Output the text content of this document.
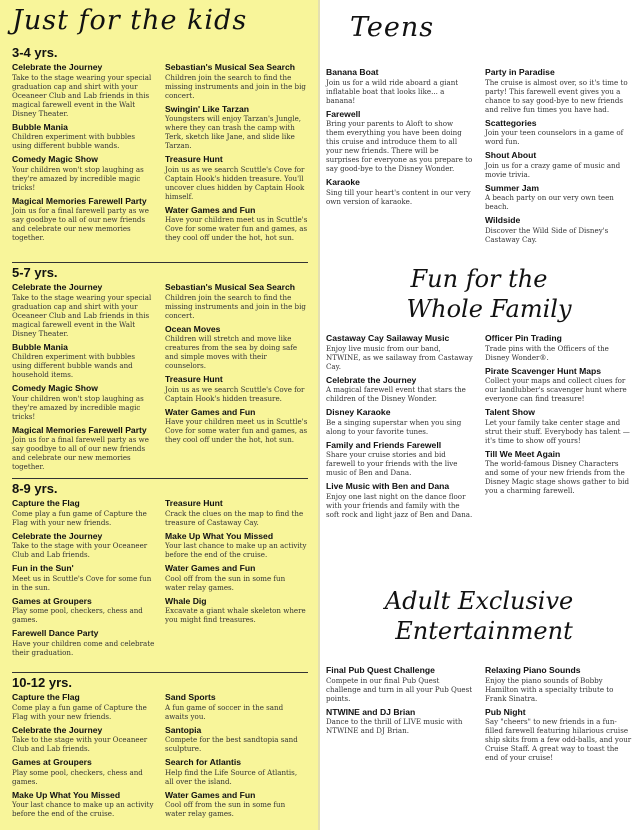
Just for the kids
3-4 yrs.
Celebrate the Journey
Take to the stage wearing your special graduation cap and shirt with your Oceaneer Club and Lab friends in this magical farewell event in the Walt Disney Theater.
Bubble Mania
Children experiment with bubbles using different bubble wands.
Comedy Magic Show
Your children won't stop laughing as they're amazed by incredible magic tricks!
Magical Memories Farewell Party
Join us for a final farewell party as we say goodbye to all of our new friends and celebrate our new memories together.
Sebastian's Musical Sea Search
Children join the search to find the missing instruments and join in the big concert.
Swingin' Like Tarzan
Youngsters will enjoy Tarzan's Jungle, where they can trash the camp with Terk, sketch like Jane, and slide like Tarzan.
Treasure Hunt
Join us as we search Scuttle's Cove for Captain Hook's hidden treasure. You'll uncover clues hidden by Captain Hook himself.
Water Games and Fun
Have your children meet us in Scuttle's Cove for some water fun and games, as they cool off under the hot, hot sun.
5-7 yrs.
Celebrate the Journey
Take to the stage wearing your special graduation cap and shirt with your Oceaneer Club and Lab friends in this magical farewell event in the Walt Disney Theater.
Bubble Mania
Children experiment with bubbles using different bubble wands and household items.
Comedy Magic Show
Your children won't stop laughing as they're amazed by incredible magic tricks!
Magical Memories Farewell Party
Join us for a final farewell party as we say goodbye to all of our new friends and celebrate our new memories together.
Sebastian's Musical Sea Search
Children join the search to find the missing instruments and join in the big concert.
Ocean Moves
Children will stretch and move like creatures from the sea by doing safe and simple moves with their counselors.
Treasure Hunt
Join us as we search Scuttle's Cove for Captain Hook's hidden treasure.
Water Games and Fun
Have your children meet us in Scuttle's Cove for some water fun and games, as they cool off under the hot, hot sun.
8-9 yrs.
Capture the Flag
Come play a fun game of Capture the Flag with your new friends.
Celebrate the Journey
Take to the stage with your Oceaneer Club and Lab friends.
Fun in the Sun'
Meet us in Scuttle's Cove for some fun in the sun.
Games at Groupers
Play some pool, checkers, chess and games.
Farewell Dance Party
Have your children come and celebrate their graduation.
Treasure Hunt
Crack the clues on the map to find the treasure of Castaway Cay.
Make Up What You Missed
Your last chance to make up an activity before the end of the cruise.
Water Games and Fun
Cool off from the sun in some fun water relay games.
Whale Dig
Excavate a giant whale skeleton where you might find treasures.
10-12 yrs.
Capture the Flag
Come play a fun game of Capture the Flag with your new friends.
Celebrate the Journey
Take to the stage with your Oceaneer Club and Lab friends.
Games at Groupers
Play some pool, checkers, chess and games.
Make Up What You Missed
Your last chance to make up an activity before the end of the cruise.
Sand Sports
A fun game of soccer in the sand awaits you.
Santopia
Compete for the best sandtopia sand sculpture.
Search for Atlantis
Help find the Life Source of Atlantis, all over the island.
Water Games and Fun
Cool off from the sun in some fun water relay games.
Teens
Banana Boat
Join us for a wild ride aboard a giant inflatable boat that looks like... a banana!
Farewell
Bring your parents to Aloft to show them everything you have been doing this cruise and introduce them to all your new friends. There will be surprises for everyone as you prepare to say good-bye to the Disney Wonder.
Karaoke
Sing till your heart's content in our very own version of karaoke.
Party in Paradise
The cruise is almost over, so it's time to party! This farewell event gives you a chance to say good-bye to new friends and relive fun times you have had.
Scattegories
Join your teen counselors in a game of word fun.
Shout About
Join us for a crazy game of music and movie trivia.
Summer Jam
A beach party on our very own teen beach.
Wildside
Discover the Wild Side of Disney's Castaway Cay.
Fun for the
Whole Family
Castaway Cay Sailaway Music
Enjoy live music from our band, NTWINE, as we sailaway from Castaway Cay.
Celebrate the Journey
A magical farewell event that stars the children of the Disney Wonder.
Disney Karaoke
Be a singing superstar when you sing along to your favorite tunes.
Family and Friends Farewell
Share your cruise stories and bid farewell to your friends with the live music of Ben and Dana.
Live Music with Ben and Dana
Enjoy one last night on the dance floor with your friends and family with the soft rock and light jazz of Ben and Dana.
Officer Pin Trading
Trade pins with the Officers of the Disney Wonder®.
Pirate Scavenger Hunt Maps
Collect your maps and collect clues for our landlubber's scavenger hunt where everyone can find treasure!
Talent Show
Let your family take center stage and strut their stuff. Everybody has talent — it's time to show off yours!
Till We Meet Again
The world-famous Disney Characters and some of your new friends from the Disney Magic stage shows gather to bid you a charming farewell.
Adult Exclusive
Entertainment
Final Pub Quest Challenge
Compete in our final Pub Quest challenge and turn in all your Pub Quest points.
NTWINE and DJ Brian
Dance to the thrill of LIVE music with NTWINE and DJ Brian.
Relaxing Piano Sounds
Enjoy the piano sounds of Bobby Hamilton with a specialty tribute to Frank Sinatra.
Pub Night
Say "cheers" to new friends in a fun-filled farewell featuring hilarious cruise ship skits from a few odd-balls, and your Cruise Staff. A great way to toast the end of your cruise!
